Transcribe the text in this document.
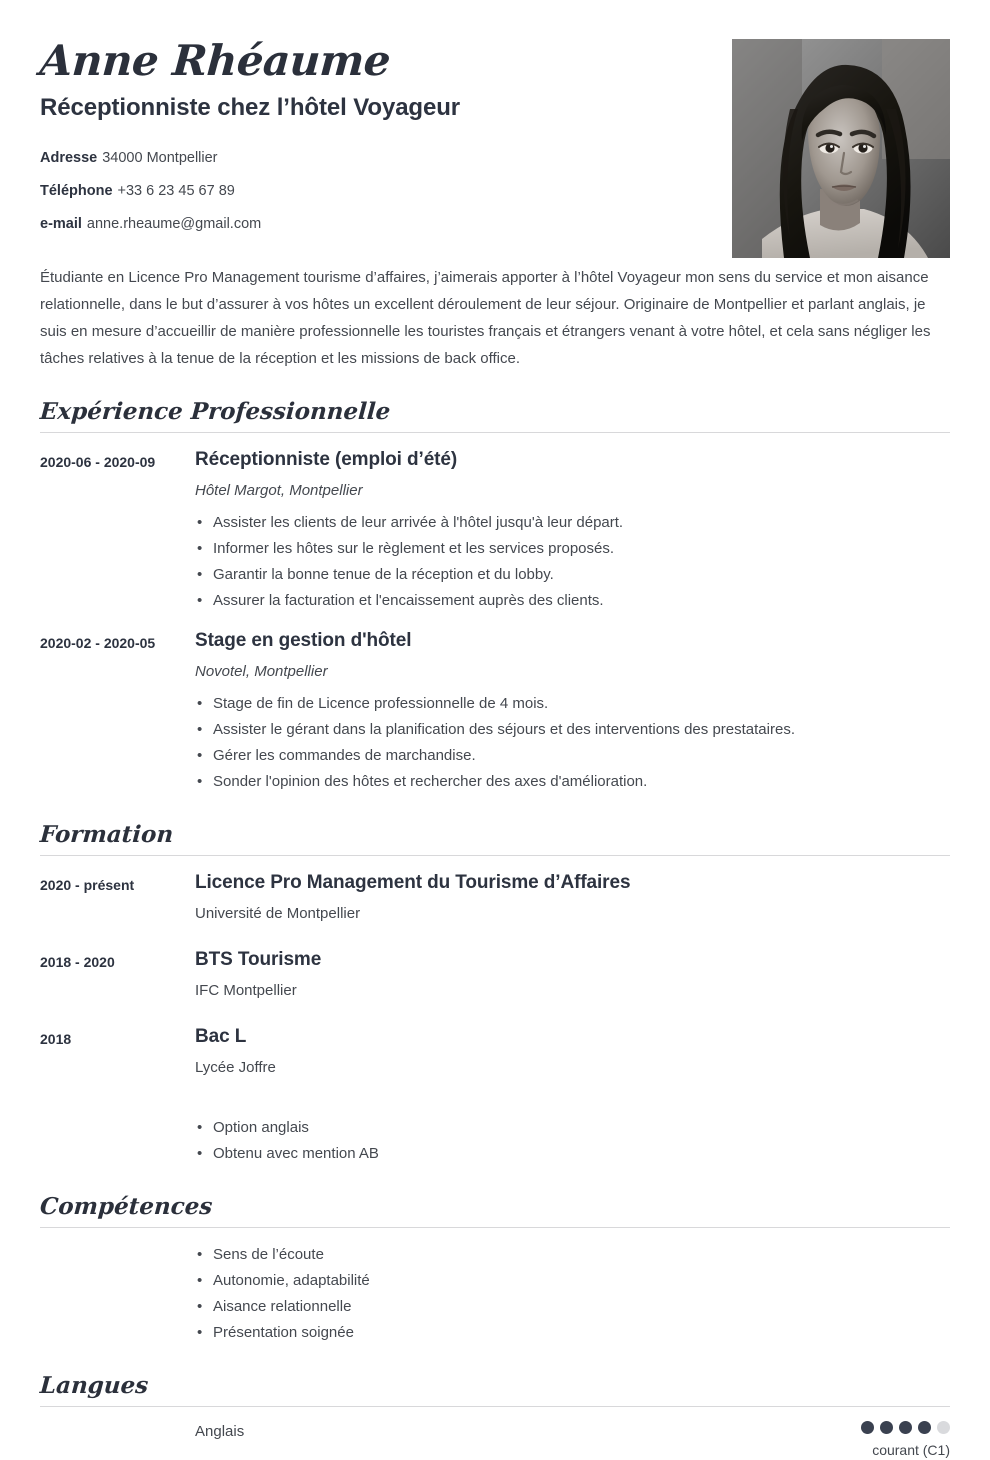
Anne Rhéaume
Réceptionniste chez l’hôtel Voyageur
Adresse 34000 Montpellier
Téléphone +33 6 23 45 67 89
e-mail anne.rheaume@gmail.com
Étudiante en Licence Pro Management tourisme d’affaires, j’aimerais apporter à l’hôtel Voyageur mon sens du service et mon aisance relationnelle, dans le but d’assurer à vos hôtes un excellent déroulement de leur séjour. Originaire de Montpellier et parlant anglais, je suis en mesure d’accueillir de manière professionnelle les touristes français et étrangers venant à votre hôtel, et cela sans négliger les tâches relatives à la tenue de la réception et les missions de back office.
Expérience Professionnelle
2020-06 - 2020-09	Réceptionniste (emploi d’été)
Hôtel Margot, Montpellier
• Assister les clients de leur arrivée à l'hôtel jusqu'à leur départ.
• Informer les hôtes sur le règlement et les services proposés.
• Garantir la bonne tenue de la réception et du lobby.
• Assurer la facturation et l'encaissement auprès des clients.
2020-02 - 2020-05	Stage en gestion d'hôtel
Novotel, Montpellier
• Stage de fin de Licence professionnelle de 4 mois.
• Assister le gérant dans la planification des séjours et des interventions des prestataires.
• Gérer les commandes de marchandise.
• Sonder l'opinion des hôtes et rechercher des axes d'amélioration.
Formation
2020 - présent	Licence Pro Management du Tourisme d’Affaires
Université de Montpellier
2018 - 2020	BTS Tourisme
IFC Montpellier
2018	Bac L
Lycée Joffre
• Option anglais
• Obtenu avec mention AB
Compétences
• Sens de l’écoute
• Autonomie, adaptabilité
• Aisance relationnelle
• Présentation soignée
Langues
Anglais
courant (C1)
